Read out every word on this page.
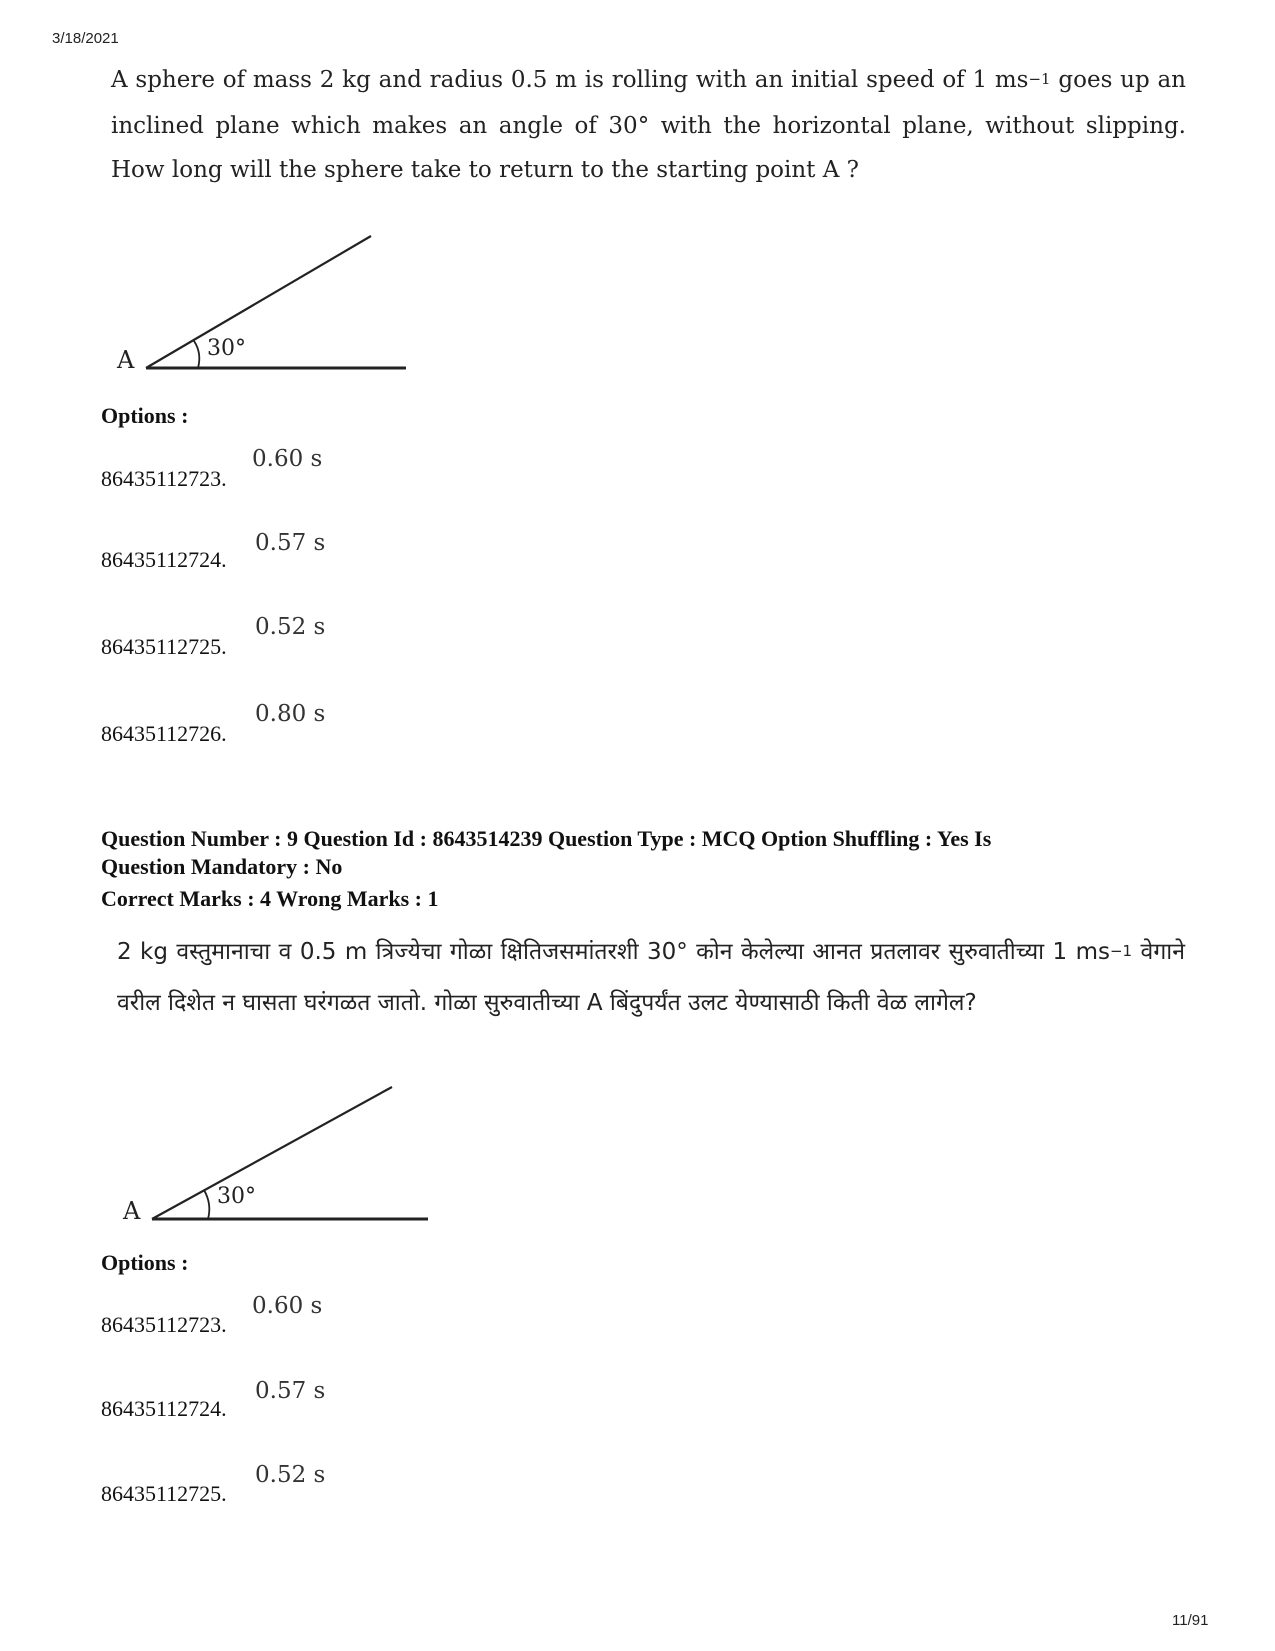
3/18/2021
A sphere of mass 2 kg and radius 0.5 m is rolling with an initial speed of 1 $ms^{-1}$ goes up an inclined plane which makes an angle of 30° with the horizontal plane, without slipping. How long will the sphere take to return to the starting point A ?
A	30°
Options :
86435112723.
0.60 s
86435112724.
0.57 s
86435112725.
0.52 s
86435112726.
0.80 s
Question Number : 9 Question Id : 8643514239 Question Type : MCQ Option Shuffling : Yes Is
Question Mandatory : No
Correct Marks : 4 Wrong Marks : 1
2 kg वस्तुमानाचा व 0.5 m त्रिज्येचा गोळा क्षितिजसमांतरशी 30° कोन केलेल्या आनत प्रतलावर सुरुवातीच्या 1 $ms^{-1}$ वेगाने वरील दिशेत न घासता घरंगळत जातो. गोळा सुरुवातीच्या A बिंदुपर्यंत उलट येण्यासाठी किती वेळ लागेल?
A
30°
Options :
86435112723.
0.60 s
86435112724.
0.57 s
86435112725.
0.52 s
11/91
